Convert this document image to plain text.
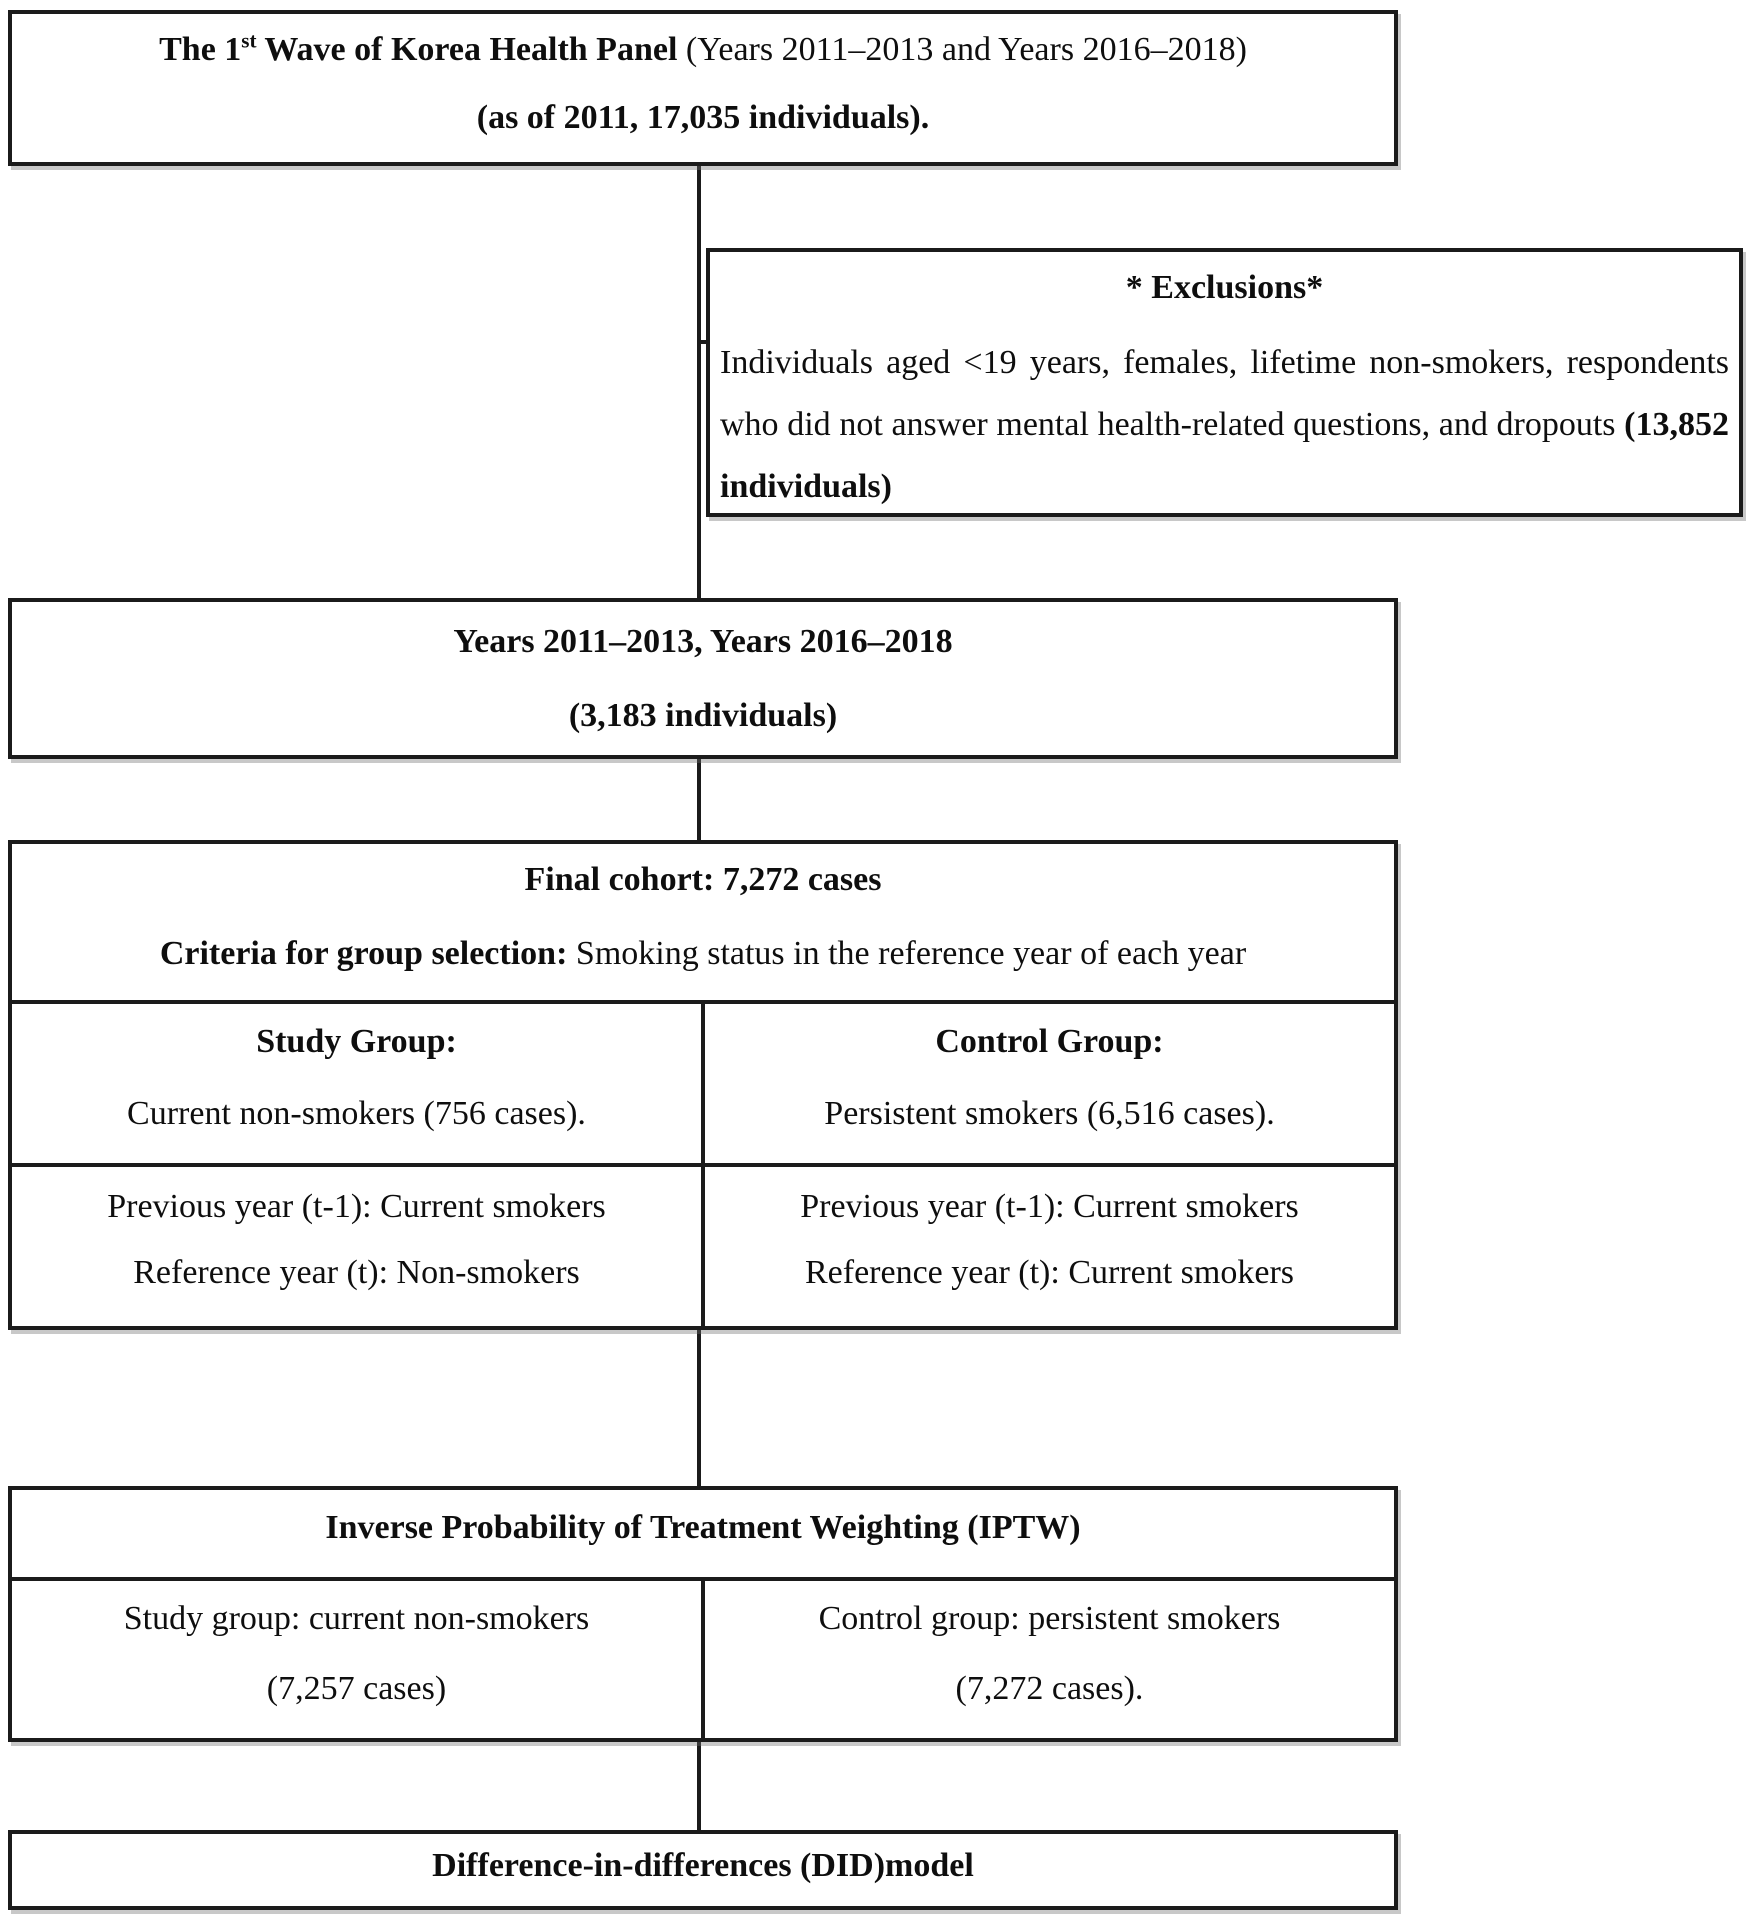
The 1st Wave of Korea Health Panel (Years 2011–2013 and Years 2016–2018)
(as of 2011, 17,035 individuals).
* Exclusions*
Individuals aged <19 years, females, lifetime non-smokers, respondents who did not answer mental health-related questions, and dropouts (13,852 individuals)
Years 2011–2013, Years 2016–2018
(3,183 individuals)
Final cohort: 7,272 cases
Criteria for group selection: Smoking status in the reference year of each year
Study Group:
Current non-smokers (756 cases).
Control Group:
Persistent smokers (6,516 cases).
Previous year (t-1): Current smokers
Reference year (t): Non-smokers
Previous year (t-1): Current smokers
Reference year (t): Current smokers
Inverse Probability of Treatment Weighting (IPTW)
Study group: current non-smokers
(7,257 cases)
Control group: persistent smokers
(7,272 cases).
Difference-in-differences (DID)model
